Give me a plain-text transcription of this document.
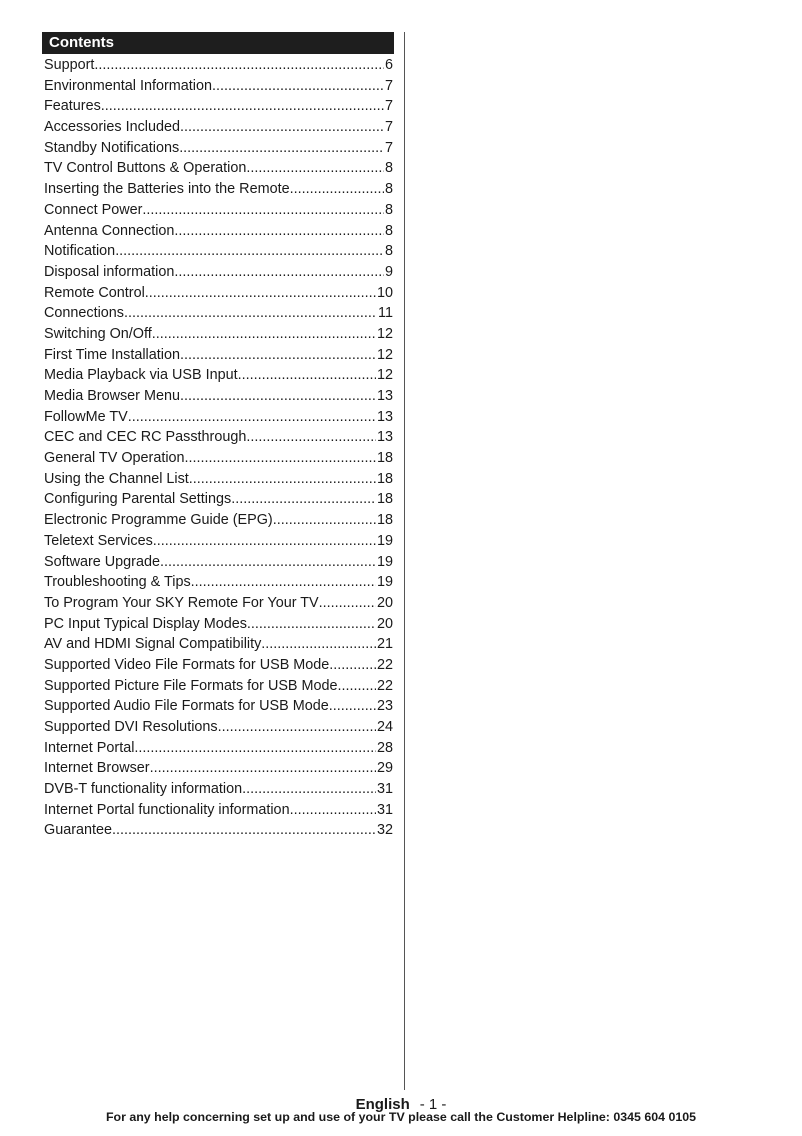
Contents
Support .....	6
Environmental Information .....	7
Features .....	7
Accessories Included .....	7
Standby Notifications .....	7
TV Control Buttons & Operation .....	8
Inserting the Batteries into the Remote .....	8
Connect Power .....	8
Antenna Connection .....	8
Notification .....	8
Disposal information .....	9
Remote Control .....	10
Connections .....	11
Switching On/Off .....	12
First Time Installation .....	12
Media Playback via USB Input .....	12
Media Browser Menu .....	13
FollowMe TV .....	13
CEC and CEC RC Passthrough .....	13
General TV Operation .....	18
Using the Channel List .....	18
Configuring Parental Settings .....	18
Electronic Programme Guide (EPG) .....	18
Teletext Services .....	19
Software Upgrade .....	19
Troubleshooting & Tips .....	19
To Program Your SKY Remote For Your TV .....	20
PC Input Typical Display Modes .....	20
AV and HDMI Signal Compatibility .....	21
Supported Video File Formats for USB Mode .....	22
Supported Picture File Formats for USB Mode .....	22
Supported Audio File Formats for USB Mode .....	23
Supported DVI Resolutions .....	24
Internet Portal .....	28
Internet Browser .....	29
DVB-T functionality information .....	31
Internet Portal functionality information .....	31
Guarantee .....	32
English - 1 -
For any help concerning set up and use of your TV please call the Customer Helpline: 0345 604 0105
